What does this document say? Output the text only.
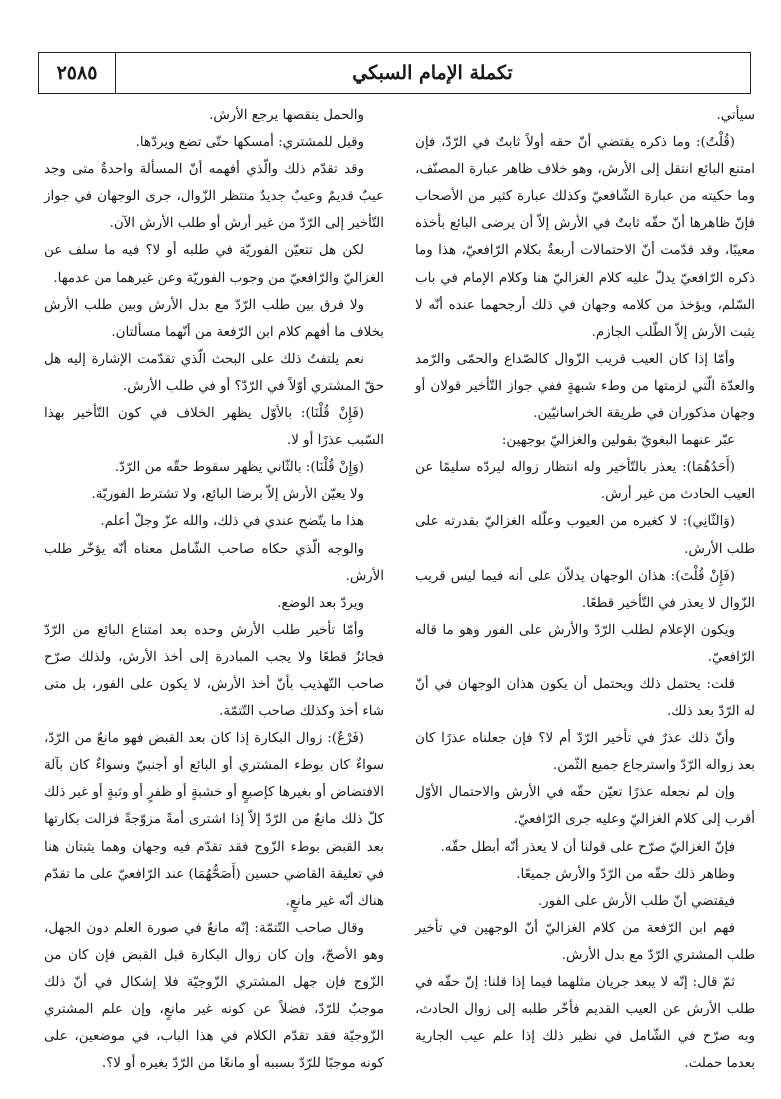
٢٥٨٥	تكملة الإمام السبكي

سيأتي.

(قُلْتُ): وما ذكره يقتضي أنّ حقه أولاً ثابتٌ في الرّدّ، فإن امتنع البائع انتقل إلى الأرش، وهو خلاف ظاهر عبارة المصنّف، وما حكيته من عبارة الشّافعيّ وكذلك عبارة كثير من الأصحاب فإنّ ظاهرها أنّ حقّه ثابتٌ في الأرش إلاّ أن يرضى البائع بأخذه معيبًا، وقد قدّمت أنّ الاحتمالات أربعةٌ بكلام الرّافعيّ، هذا وما ذكره الرّافعيّ يدلّ عليه كلام الغزاليّ هنا وكلام الإمام في باب السّلم، ويؤخذ من كلامه وجهان في ذلك أرجحهما عنده أنّه لا يثبت الأرش إلاّ الطّلب الجازم.

وأمّا إذا كان العيب قريب الزّوال كالصّداع والحمّى والرّمد والعدّة الّتي لزمتها من وطء شبهةٍ ففي جواز التّأخير قولان أو وجهان مذكوران في طريقة الخراسانيّين.

عبّر عنهما البغويّ بقولين والغزاليّ بوجهين:

(أَحَدُهُمَا): يعذر بالتّأخير وله انتظار زواله ليردّه سليمًا عن العيب الحادث من غير أرش.

(وَالثّانِي): لا كغيره من العيوب وعلّله الغزاليّ بقدرته على طلب الأرش.

(فَإِنْ قُلْتَ): هذان الوجهان يدلاّن على أنه فيما ليس قريب الزّوال لا يعذر في التّأخير قطعًا.

ويكون الإعلام لطلب الرّدّ والأرش على الفور وهو ما قاله الرّافعيّ.

قلت: يحتمل ذلك ويحتمل أن يكون هذان الوجهان في أنّ له الرّدّ بعد ذلك.

وأنّ ذلك عذرٌ في تأخير الرّدّ أم لا؟ فإن جعلناه عذرًا كان بعد زواله الرّدّ واسترجاع جميع الثّمن.

وإن لم نجعله عذرًا تعيّن حقّه في الأرش والاحتمال الأوّل أقرب إلى كلام الغزاليّ وعليه جرى الرّافعيّ.

فإنّ الغزاليّ صرّح على قولنا أن لا يعذر أنّه أبطل حقّه.

وظاهر ذلك حقّه من الرّدّ والأرش جميعًا.

فيقتضي أنّ طلب الأرش على الفور.

فهم ابن الرّفعة من كلام الغزاليّ أنّ الوجهين في تأخير طلب المشتري الرّدّ مع بدل الأرش.

ثمّ قال: إنّه لا يبعد جريان مثلهما فيما إذا قلنا: إنّ حقّه في طلب الأرش عن العيب القديم فأخّر طلبه إلى زوال الحادث، وبه صرّح في الشّامل في نظير ذلك إذا علم عيب الجارية بعدما حملت.

والحمل ينقصها يرجع الأرش.

وقيل للمشتري: أمسكها حتّى تضع ويردّها.

وقد تقدّم ذلك والّذي أفهمه أنّ المسألة واحدةٌ متى وجد عيبٌ قديمٌ وعيبٌ جديدٌ منتظر الزّوال، جرى الوجهان في جواز التّأخير إلى الرّدّ من غير أرش أو طلب الأرش الآن.

لكن هل تتعيّن الفوريّة في طلبه أو لا؟ فيه ما سلف عن الغزاليّ والرّافعيّ من وجوب الفوريّة وعن غيرهما من عدمها.

ولا فرق بين طلب الرّدّ مع بدل الأرش وبين طلب الأرش بخلاف ما أفهم كلام ابن الرّفعة من أنّهما مسألتان.

نعم يلتفتُ ذلك على البحث الّذي تقدّمت الإشارة إليه هل حقّ المشتري أوّلاً في الرّدّ؟ أو في طلب الأرش.

(فَإِنْ قُلْنَا): بالأوّل يظهر الخلاف في كون التّأخير بهذا السّبب عذرًا أو لا.

(وَإِنْ قُلْنَا): بالثّاني يظهر سقوط حقّه من الرّدّ.

ولا يعيّن الأرش إلاّ برضا البائع، ولا تشترط الفوريّة.

هذا ما يتّضح عندي في ذلك، والله عزّ وجلّ أعلم.

والوجه الّذي حكاه صاحب الشّامل معناه أنّه يؤخّر طلب الأرش.

ويردّ بعد الوضع.

وأمّا تأخير طلب الأرش وحده بعد امتناع البائع من الرّدّ فجائزٌ قطعًا ولا يجب المبادرة إلى أخذ الأرش، ولذلك صرّح صاحب التّهذيب بأنّ أخذ الأرش، لا يكون على الفور، بل متى شاء أخذ وكذلك صاحب التّتمّة.

(فَرْعٌ): زوال البكارة إذا كان بعد القبض فهو مانعٌ من الرّدّ، سواءٌ كان بوطء المشتري أو البائع أو أجنبيّ وسواءٌ كان بآلة الافتضاض أو بغيرها كإصبعٍ أو خشبةٍ أو ظفرٍ أو وثبةٍ أو غير ذلك كلّ ذلك مانعٌ من الرّدّ إلاّ إذا اشترى أمةً مزوّجةً فزالت بكارتها بعد القبض بوطء الزّوج فقد تقدّم فيه وجهان وهما يثبتان هنا في تعليقة القاضي حسين (أَصَحُّهُمَا) عند الرّافعيّ على ما تقدّم هناك أنّه غير مانعٍ.

وقال صاحب التّتمّة: إنّه مانعٌ في صورة العلم دون الجهل، وهو الأصحّ، وإن كان زوال البكارة قبل القبض فإن كان من الزّوج فإن جهل المشتري الزّوجيّة فلا إشكال في أنّ ذلك موجبٌ للرّدّ، فضلاً عن كونه غير مانعٍ، وإن علم المشتري الزّوجيّة فقد تقدّم الكلام في هذا الباب، في موضعين، على كونه موجبًا للرّدّ بسببه أو مانعًا من الرّدّ بغيره أو لا؟.
